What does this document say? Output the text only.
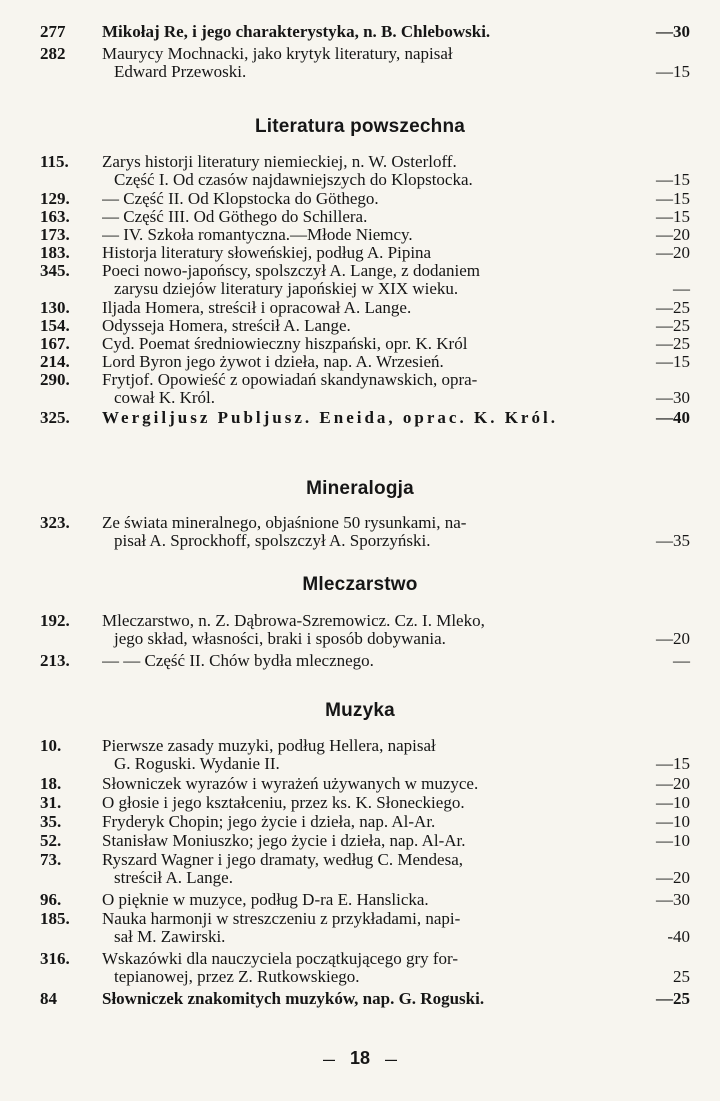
277	Mikołaj Re, i jego charakterystyka, n. B. Chlebowski.	—30
282	Maurycy Mochnacki, jako krytyk literatury, napisał
Edward Przewoski.	—15
Literatura powszechna
115.	Zarys historji literatury niemieckiej, n. W. Osterloff.
Część I. Od czasów najdawniejszych do Klopstocka.	—15
129.	— Część II. Od Klopstocka do Göthego.	—15
163.	— Część III. Od Göthego do Schillera.	—15
173.	— IV. Szkoła romantyczna.—Młode Niemcy.	—20
183.	Historja literatury słoweńskiej, podług A. Pipina	—20
345.	Poeci nowo-japońscy, spolszczył A. Lange, z dodaniem
zarysu dziejów literatury japońskiej w XIX wieku.	—
130.	Iljada Homera, streścił i opracował A. Lange.	—25
154.	Odysseja Homera, streścił A. Lange.	—25
167.	Cyd. Poemat średniowieczny hiszpański, opr. K. Król	—25
214.	Lord Byron jego żywot i dzieła, nap. A. Wrzesień.	—15
290.	Frytjof. Opowieść z opowiadań skandynawskich, opra-
cował K. Król.	—30
325.	Wergiljusz Publjusz. Eneida, oprac. K. Król.	—40
Mineralogja
323.	Ze świata mineralnego, objaśnione 50 rysunkami, na-
pisał A. Sprockhoff, spolszczył A. Sporzyński.	—35
Mleczarstwo
192.	Mleczarstwo, n. Z. Dąbrowa-Szremowicz. Cz. I. Mleko,
jego skład, własności, braki i sposób dobywania.	—20
213.	— — Część II. Chów bydła mlecznego.	—
Muzyka
10.	Pierwsze zasady muzyki, podług Hellera, napisał
G. Roguski. Wydanie II.	—15
18.	Słowniczek wyrazów i wyrażeń używanych w muzyce.	—20
31.	O głosie i jego kształceniu, przez ks. K. Słoneckiego.	—10
35.	Fryderyk Chopin; jego życie i dzieła, nap. Al-Ar.	—10
52.	Stanisław Moniuszko; jego życie i dzieła, nap. Al-Ar.	—10
73.	Ryszard Wagner i jego dramaty, według C. Mendesa,
streścił A. Lange.	—20
96.	O pięknie w muzyce, podług D-ra E. Hanslicka.	—30
185.	Nauka harmonji w streszczeniu z przykładami, napi-
sał M. Zawirski.	-40
316.	Wskazówki dla nauczyciela początkującego gry for-
tepianowej, przez Z. Rutkowskiego.	25
84	Słowniczek znakomitych muzyków, nap. G. Roguski.	—25
— 18 —
